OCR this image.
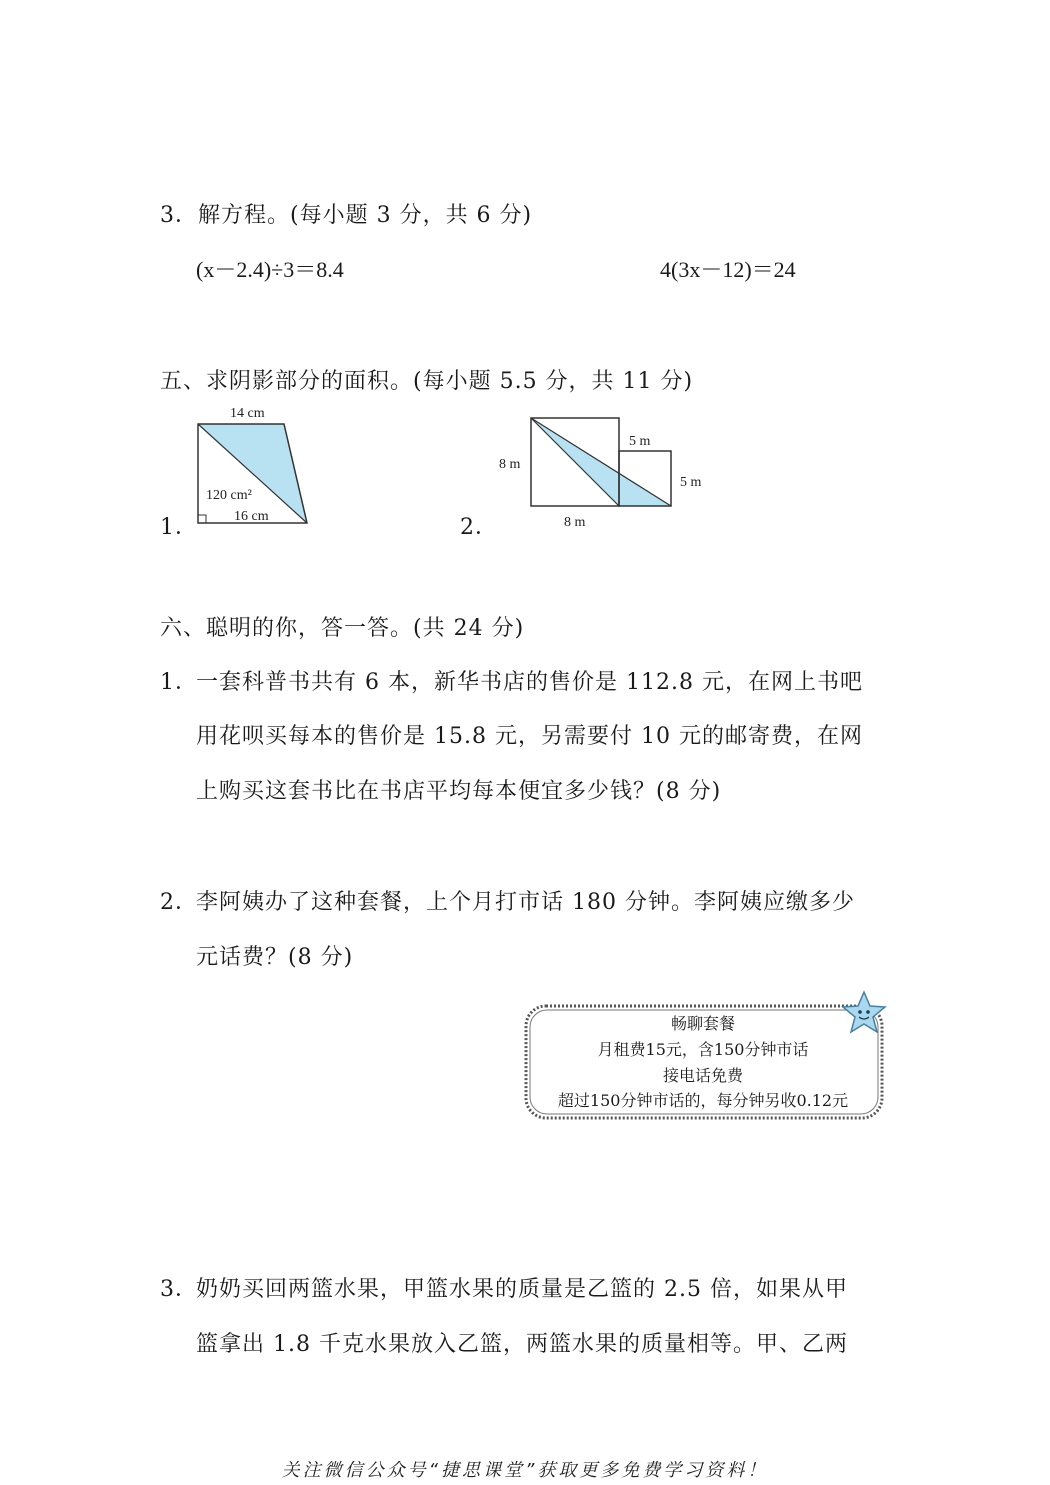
3．解方程。(每小题 3 分，共 6 分)
(x－2.4)÷3＝8.4	4(3x－12)＝24
五、求阴影部分的面积。(每小题 5.5 分，共 11 分)
1．
14 cm
120 cm²
16 cm	2．
8 m
8 m
5 m
5 m
六、聪明的你，答一答。(共 24 分)
1．
一套科普书共有 6 本，新华书店的售价是 112.8 元，在网上书吧
用花呗买每本的售价是 15.8 元，另需要付 10 元的邮寄费，在网
上购买这套书比在书店平均每本便宜多少钱？(8 分)
2．
李阿姨办了这种套餐，上个月打市话 180 分钟。李阿姨应缴多少
元话费？(8 分)
畅聊套餐
月租费15元，含150分钟市话
接电话免费
超过150分钟市话的，每分钟另收0.12元
3．
奶奶买回两篮水果，甲篮水果的质量是乙篮的 2.5 倍，如果从甲
篮拿出 1.8 千克水果放入乙篮，两篮水果的质量相等。甲、乙两
关注微信公众号“捷思课堂”获取更多免费学习资料！
